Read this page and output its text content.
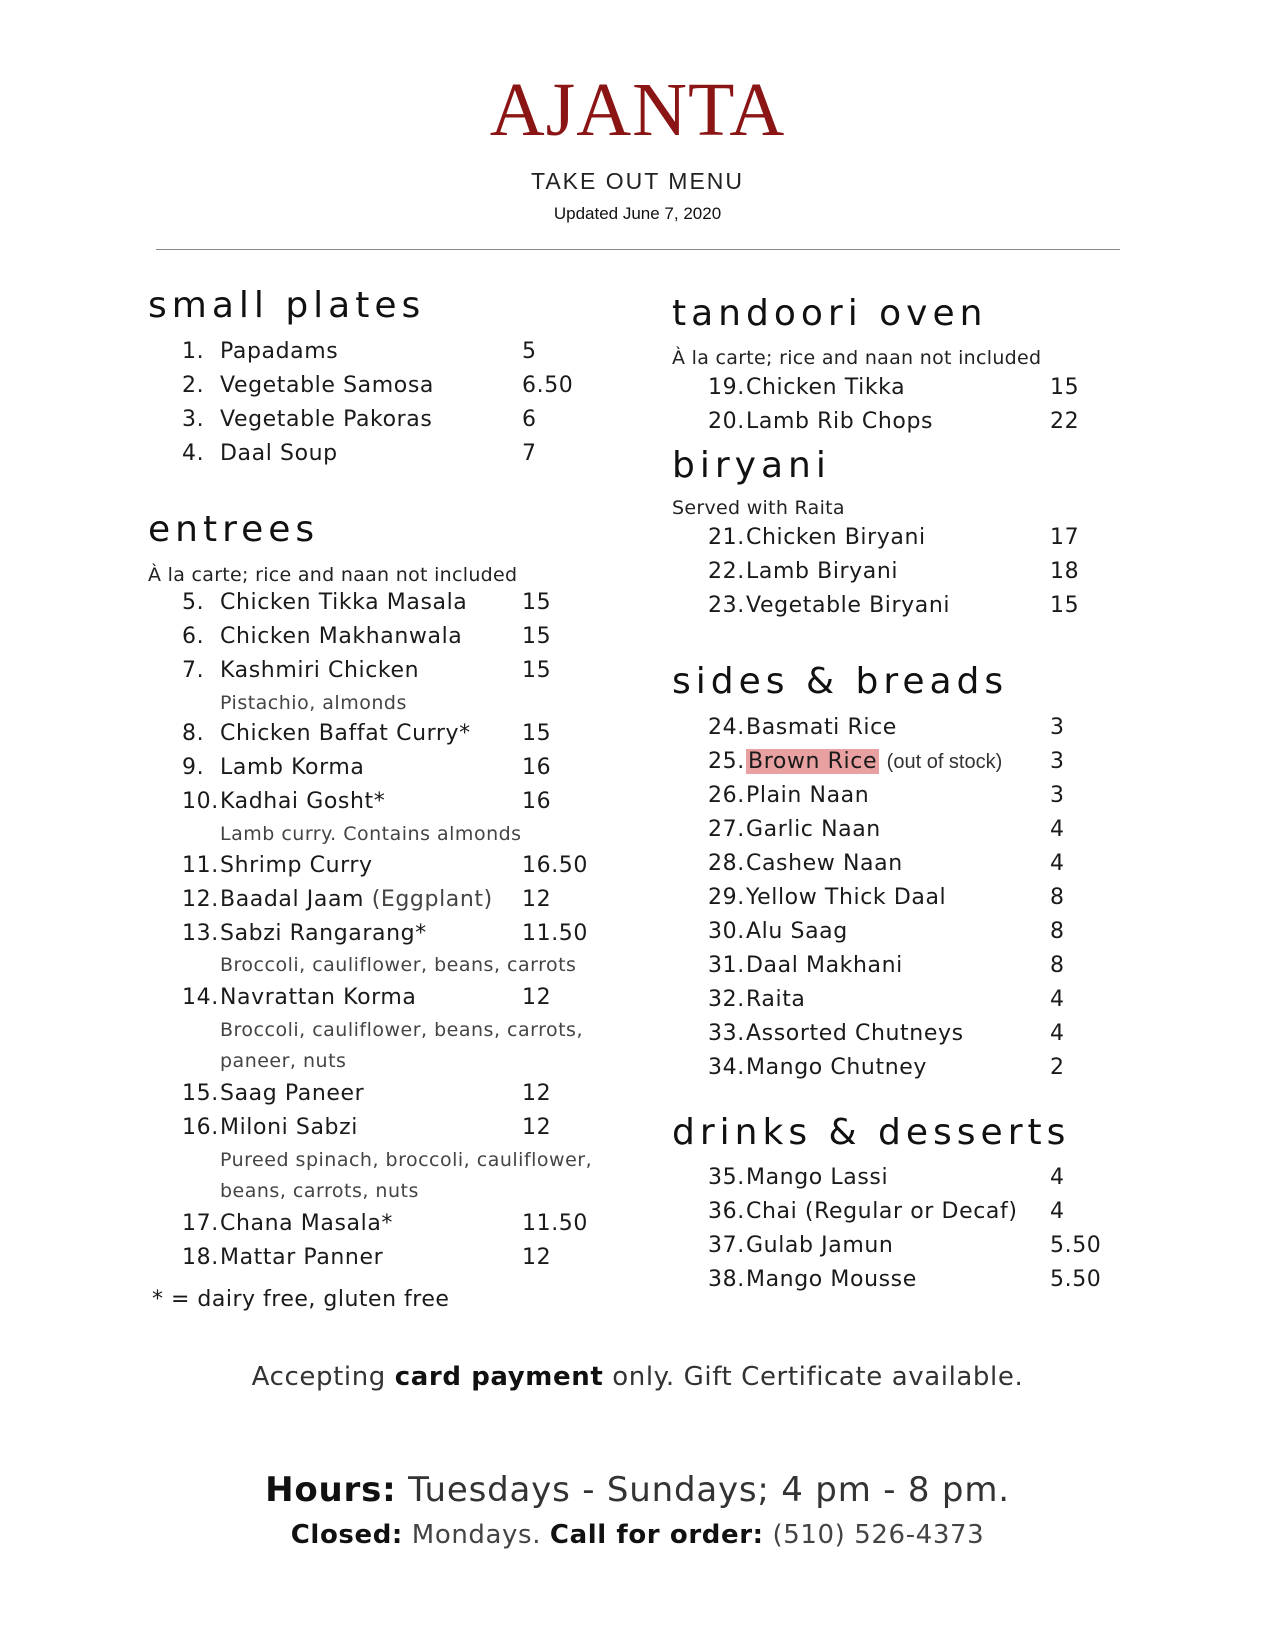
AJANTA
TAKE OUT MENU
Updated June 7, 2020
small plates
1. Papadams	5
2. Vegetable Samosa	6.50
3. Vegetable Pakoras	6
4. Daal Soup	7
entrees
À la carte; rice and naan not included
5. Chicken Tikka Masala 15
6. Chicken Makhanwala	15
7. Kashmiri Chicken	15
Pistachio, almonds
8. Chicken Baffat Curry* 15
9. Lamb Korma	16
10. Kadhai Gosht*	16
Lamb curry. Contains almonds
11. Shrimp Curry	16.50
12. Baadal Jaam (Eggplant) 12
13. Sabzi Rangarang*	11.50
Broccoli, cauliflower, beans, carrots
14. Navrattan Korma	12
Broccoli, cauliflower, beans, carrots,
paneer, nuts
15. Saag Paneer	12
16. Miloni Sabzi	12
Pureed spinach, broccoli, cauliflower,
beans, carrots, nuts
17. Chana Masala*	11.50
18. Mattar Panner	12
* = dairy free, gluten free
tandoori oven
À la carte; rice and naan not included
19. Chicken Tikka	15
20. Lamb Rib Chops	22
biryani
Served with Raita
21. Chicken Biryani	17
22. Lamb Biryani	18
23. Vegetable Biryani	15
sides & breads
24. Basmati Rice	3
25. Brown Rice (out of stock) 3
26. Plain Naan	3
27. Garlic Naan	4
28. Cashew Naan	4
29. Yellow Thick Daal	8
30. Alu Saag	8
31. Daal Makhani	8
32. Raita	4
33. Assorted Chutneys	4
34. Mango Chutney	2
drinks & desserts
35. Mango Lassi	4
36. Chai (Regular or Decaf) 4
37. Gulab Jamun	5.50
38. Mango Mousse	5.50
Accepting card payment only. Gift Certificate available.
Hours: Tuesdays - Sundays; 4 pm - 8 pm.
Closed: Mondays. Call for order: (510) 526-4373
